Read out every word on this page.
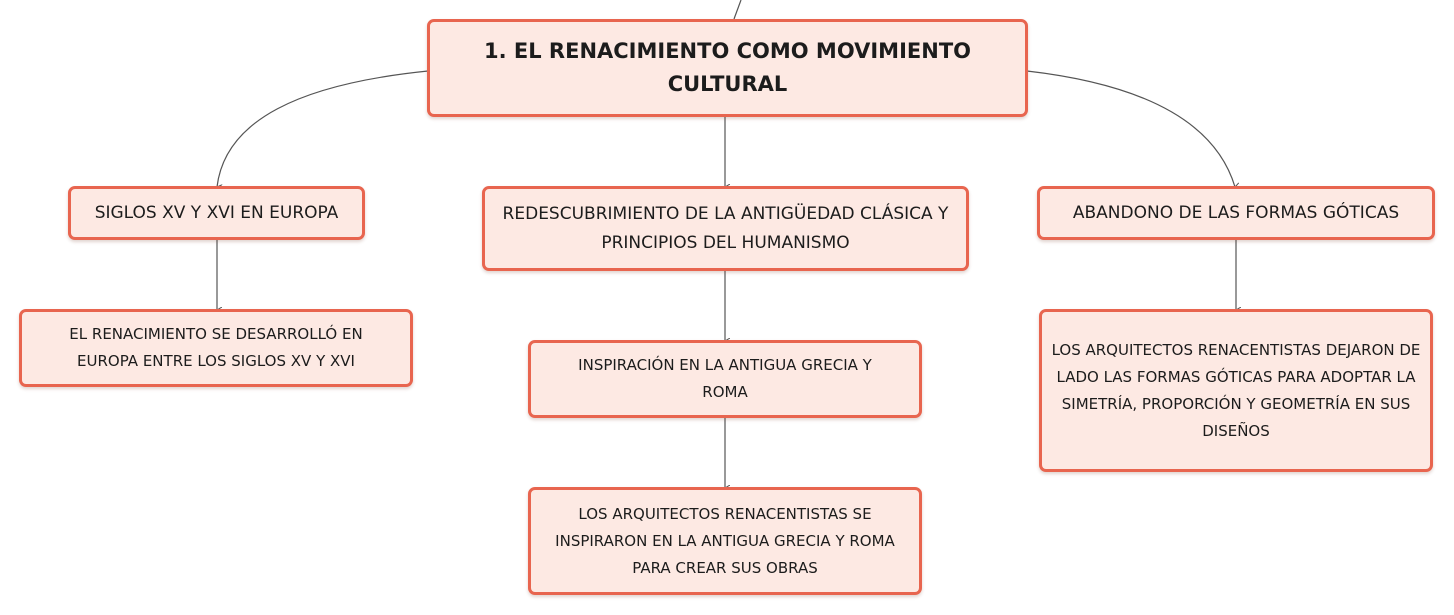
1. EL RENACIMIENTO COMO MOVIMIENTO CULTURAL
SIGLOS XV Y XVI EN EUROPA	REDESCUBRIMIENTO DE LA ANTIGÜEDAD CLÁSICA Y PRINCIPIOS DEL HUMANISMO
ABANDONO DE LAS FORMAS GÓTICAS
EL RENACIMIENTO SE DESARROLLÓ EN EUROPA ENTRE LOS SIGLOS XV Y XVI	INSPIRACIÓN EN LA ANTIGUA GRECIA Y ROMA
LOS ARQUITECTOS RENACENTISTAS SE INSPIRARON EN LA ANTIGUA GRECIA Y ROMA PARA CREAR SUS OBRAS
LOS ARQUITECTOS RENACENTISTAS DEJARON DE LADO LAS FORMAS GÓTICAS PARA ADOPTAR LA SIMETRÍA, PROPORCIÓN Y GEOMETRÍA EN SUS DISEÑOS
